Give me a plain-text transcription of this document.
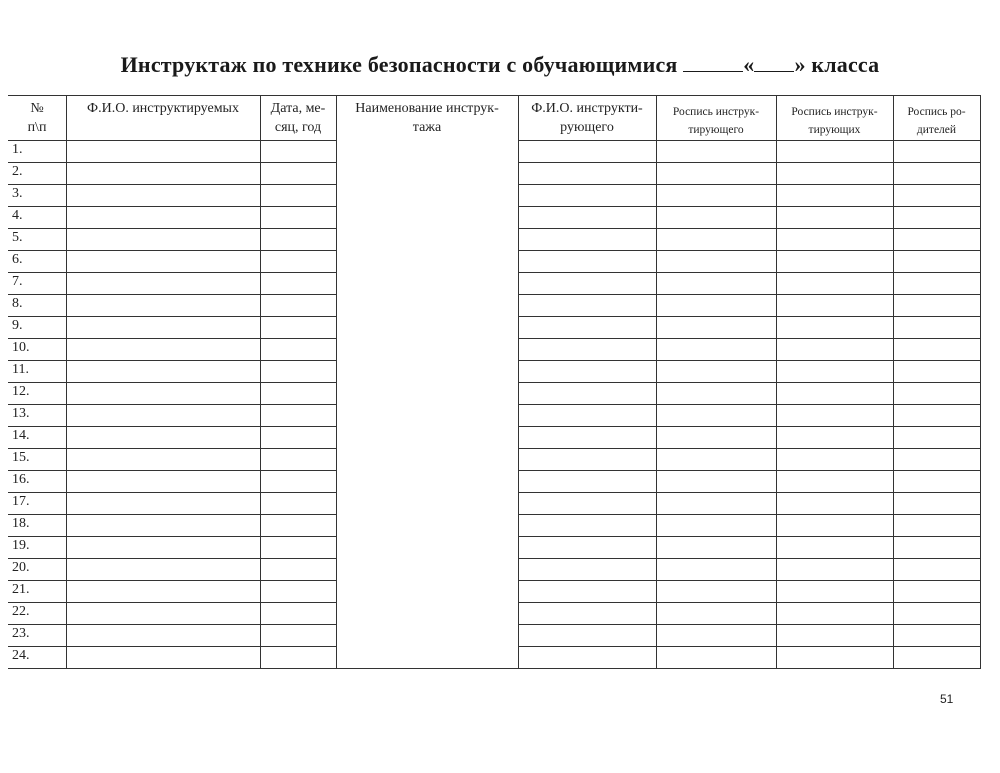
Инструктаж по технике безопасности с обучающимися	« » класса
№
п\п
Ф.И.О. инструктируемых	Дата, ме-
сяц, год
Наименование инструк-
тажа
Ф.И.О. инструкти-
рующего
Роспись инструк-
тирующего
Роспись инструк-
тирующих
Роспись ро-
дителей
1.
2.
3.
4.
5.
6.
7.
8.
9.
10.
11.
12.
13.
14.
15.
16.
17.
18.
19.
20.
21.
22.
23.
24.
51
